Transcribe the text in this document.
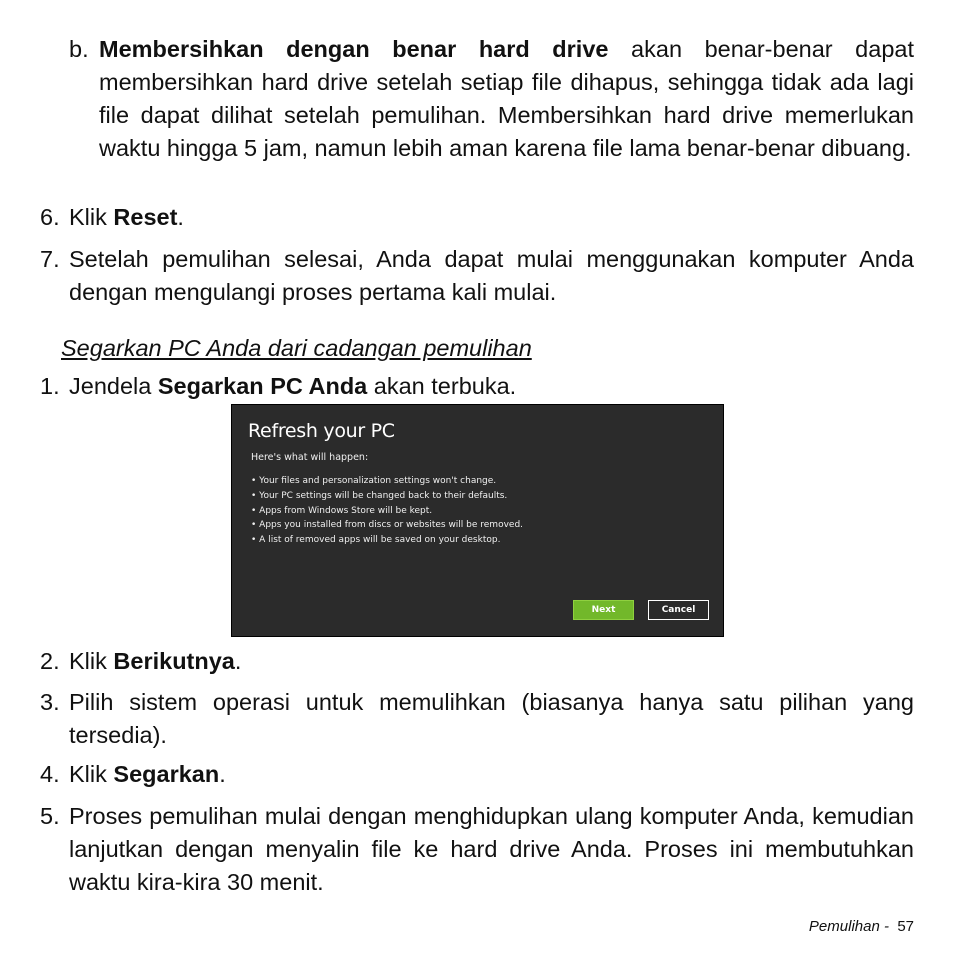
b. Membersihkan dengan benar hard drive akan benar-benar dapat membersihkan hard drive setelah setiap file dihapus, sehingga tidak ada lagi file dapat dilihat setelah pemulihan. Membersihkan hard drive memerlukan waktu hingga 5 jam, namun lebih aman karena file lama benar-benar dibuang.
6. Klik Reset.
7. Setelah pemulihan selesai, Anda dapat mulai menggunakan komputer Anda dengan mengulangi proses pertama kali mulai.
Segarkan PC Anda dari cadangan pemulihan
1. Jendela Segarkan PC Anda akan terbuka.
Refresh your PC
Here's what will happen:
• Your files and personalization settings won't change.
• Your PC settings will be changed back to their defaults.
• Apps from Windows Store will be kept.
• Apps you installed from discs or websites will be removed.
• A list of removed apps will be saved on your desktop.
Next	Cancel
2. Klik Berikutnya.
3. Pilih sistem operasi untuk memulihkan (biasanya hanya satu pilihan yang tersedia).
4. Klik Segarkan.
5. Proses pemulihan mulai dengan menghidupkan ulang komputer Anda, kemudian lanjutkan dengan menyalin file ke hard drive Anda. Proses ini membutuhkan waktu kira-kira 30 menit.
Pemulihan - 57
